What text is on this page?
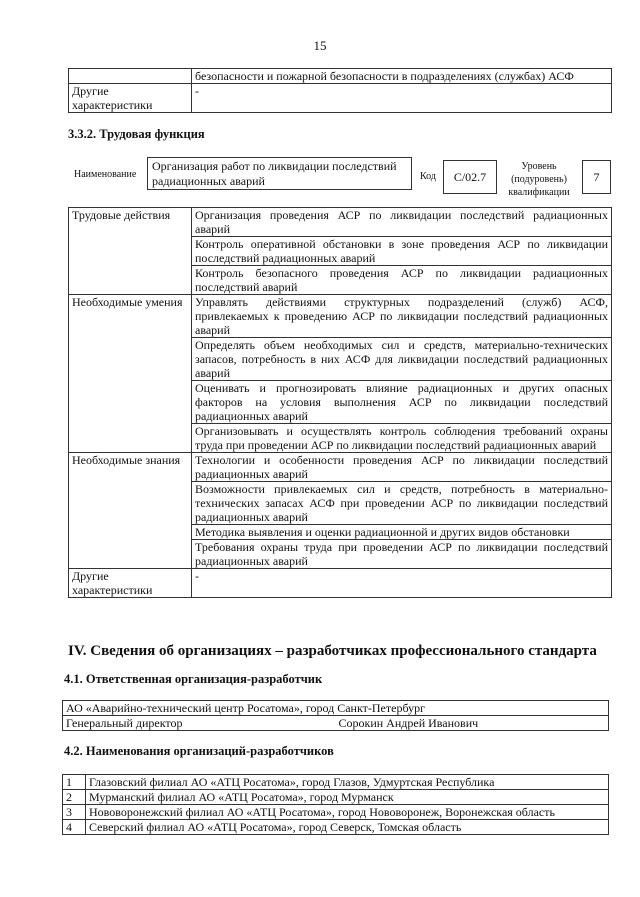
15
	безопасности и пожарной безопасности в подразделениях (службах) АСФ
Другие характеристики	-
3.3.2. Трудовая функция
Наименование
Организация работ по ликвидации последствий радиационных аварий	Код	C/02.7
Уровень (подуровень) квалификации
7
Трудовые действия	Организация проведения АСР по ликвидации последствий радиационных аварий
	Контроль оперативной обстановки в зоне проведения АСР по ликвидации последствий радиационных аварий
	Контроль безопасного проведения АСР по ликвидации радиационных последствий аварий
Необходимые умения	Управлять действиями структурных подразделений (служб) АСФ, привлекаемых к проведению АСР по ликвидации последствий радиационных аварий
	Определять объем необходимых сил и средств, материально-технических запасов, потребность в них АСФ для ликвидации последствий радиационных аварий
	Оценивать и прогнозировать влияние радиационных и других опасных факторов на условия выполнения АСР по ликвидации последствий радиационных аварий
	Организовывать и осуществлять контроль соблюдения требований охраны труда при проведении АСР по ликвидации последствий радиационных аварий
Необходимые знания	Технологии и особенности проведения АСР по ликвидации последствий радиационных аварий
	Возможности привлекаемых сил и средств, потребность в материально-технических запасах АСФ при проведении АСР по ликвидации последствий радиационных аварий
	Методика выявления и оценки радиационной и других видов обстановки
	Требования охраны труда при проведении АСР по ликвидации последствий радиационных аварий
Другие характеристики	-
IV. Сведения об организациях – разработчиках профессионального стандарта
4.1. Ответственная организация-разработчик
АО «Аварийно-технический центр Росатома», город Санкт-Петербург
Генеральный директор	Сорокин Андрей Иванович
4.2. Наименования организаций-разработчиков
1	Глазовский филиал АО «АТЦ Росатома», город Глазов, Удмуртская Республика
2	Мурманский филиал АО «АТЦ Росатома», город Мурманск
3	Нововоронежский филиал АО «АТЦ Росатома», город Нововоронеж, Воронежская область
4	Северский филиал АО «АТЦ Росатома», город Северск, Томская область
